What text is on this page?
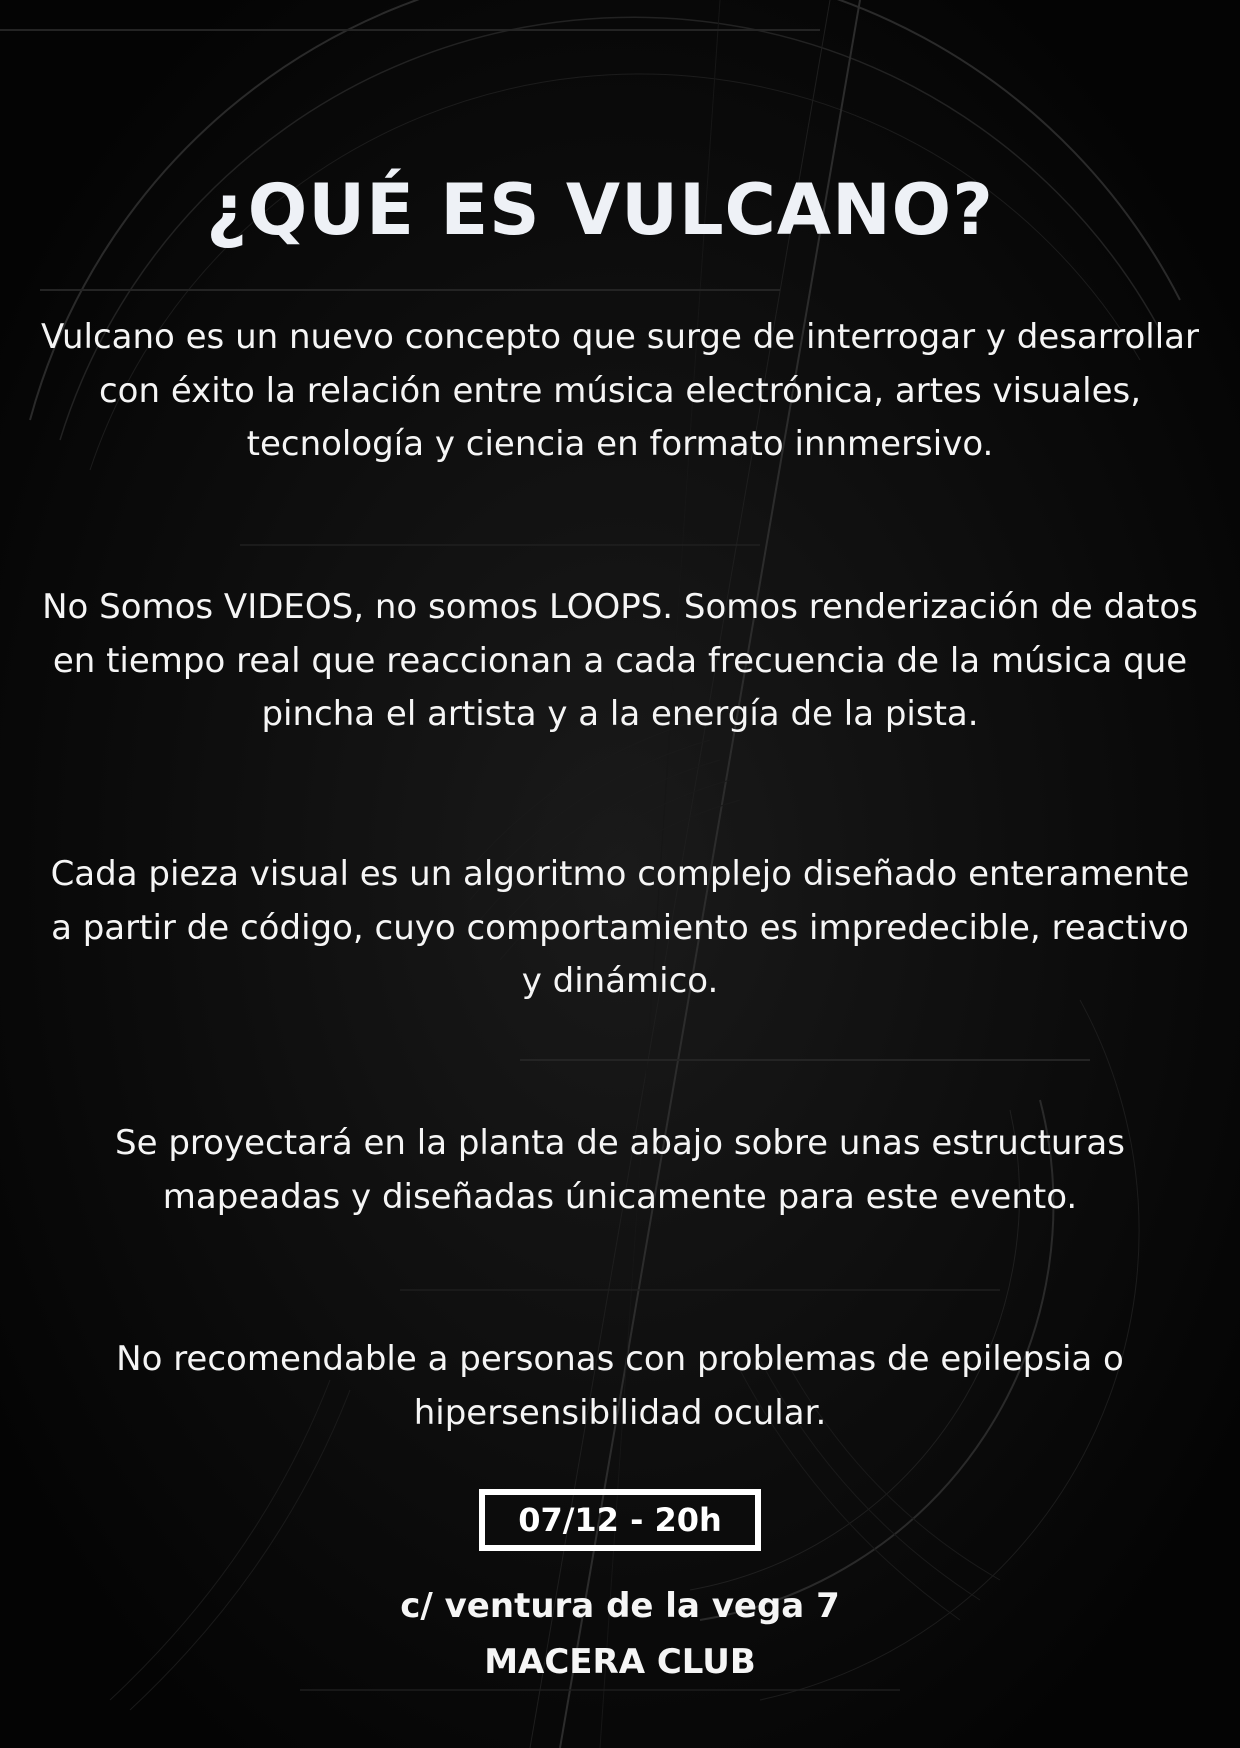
¿QUÉ ES VULCANO?

Vulcano es un nuevo concepto que surge de interrogar y desarrollar con éxito la relación entre música electrónica, artes visuales, tecnología y ciencia en formato innmersivo.

No Somos VIDEOS, no somos LOOPS. Somos renderización de datos en tiempo real que reaccionan a cada frecuencia de la música que pincha el artista y a la energía de la pista.

Cada pieza visual es un algoritmo complejo diseñado enteramente a partir de código, cuyo comportamiento es impredecible, reactivo y dinámico.

Se proyectará en la planta de abajo sobre unas estructuras mapeadas y diseñadas únicamente para este evento.

No recomendable a personas con problemas de epilepsia o hipersensibilidad ocular.

07/12 - 20h
c/ ventura de la vega 7
MACERA CLUB
